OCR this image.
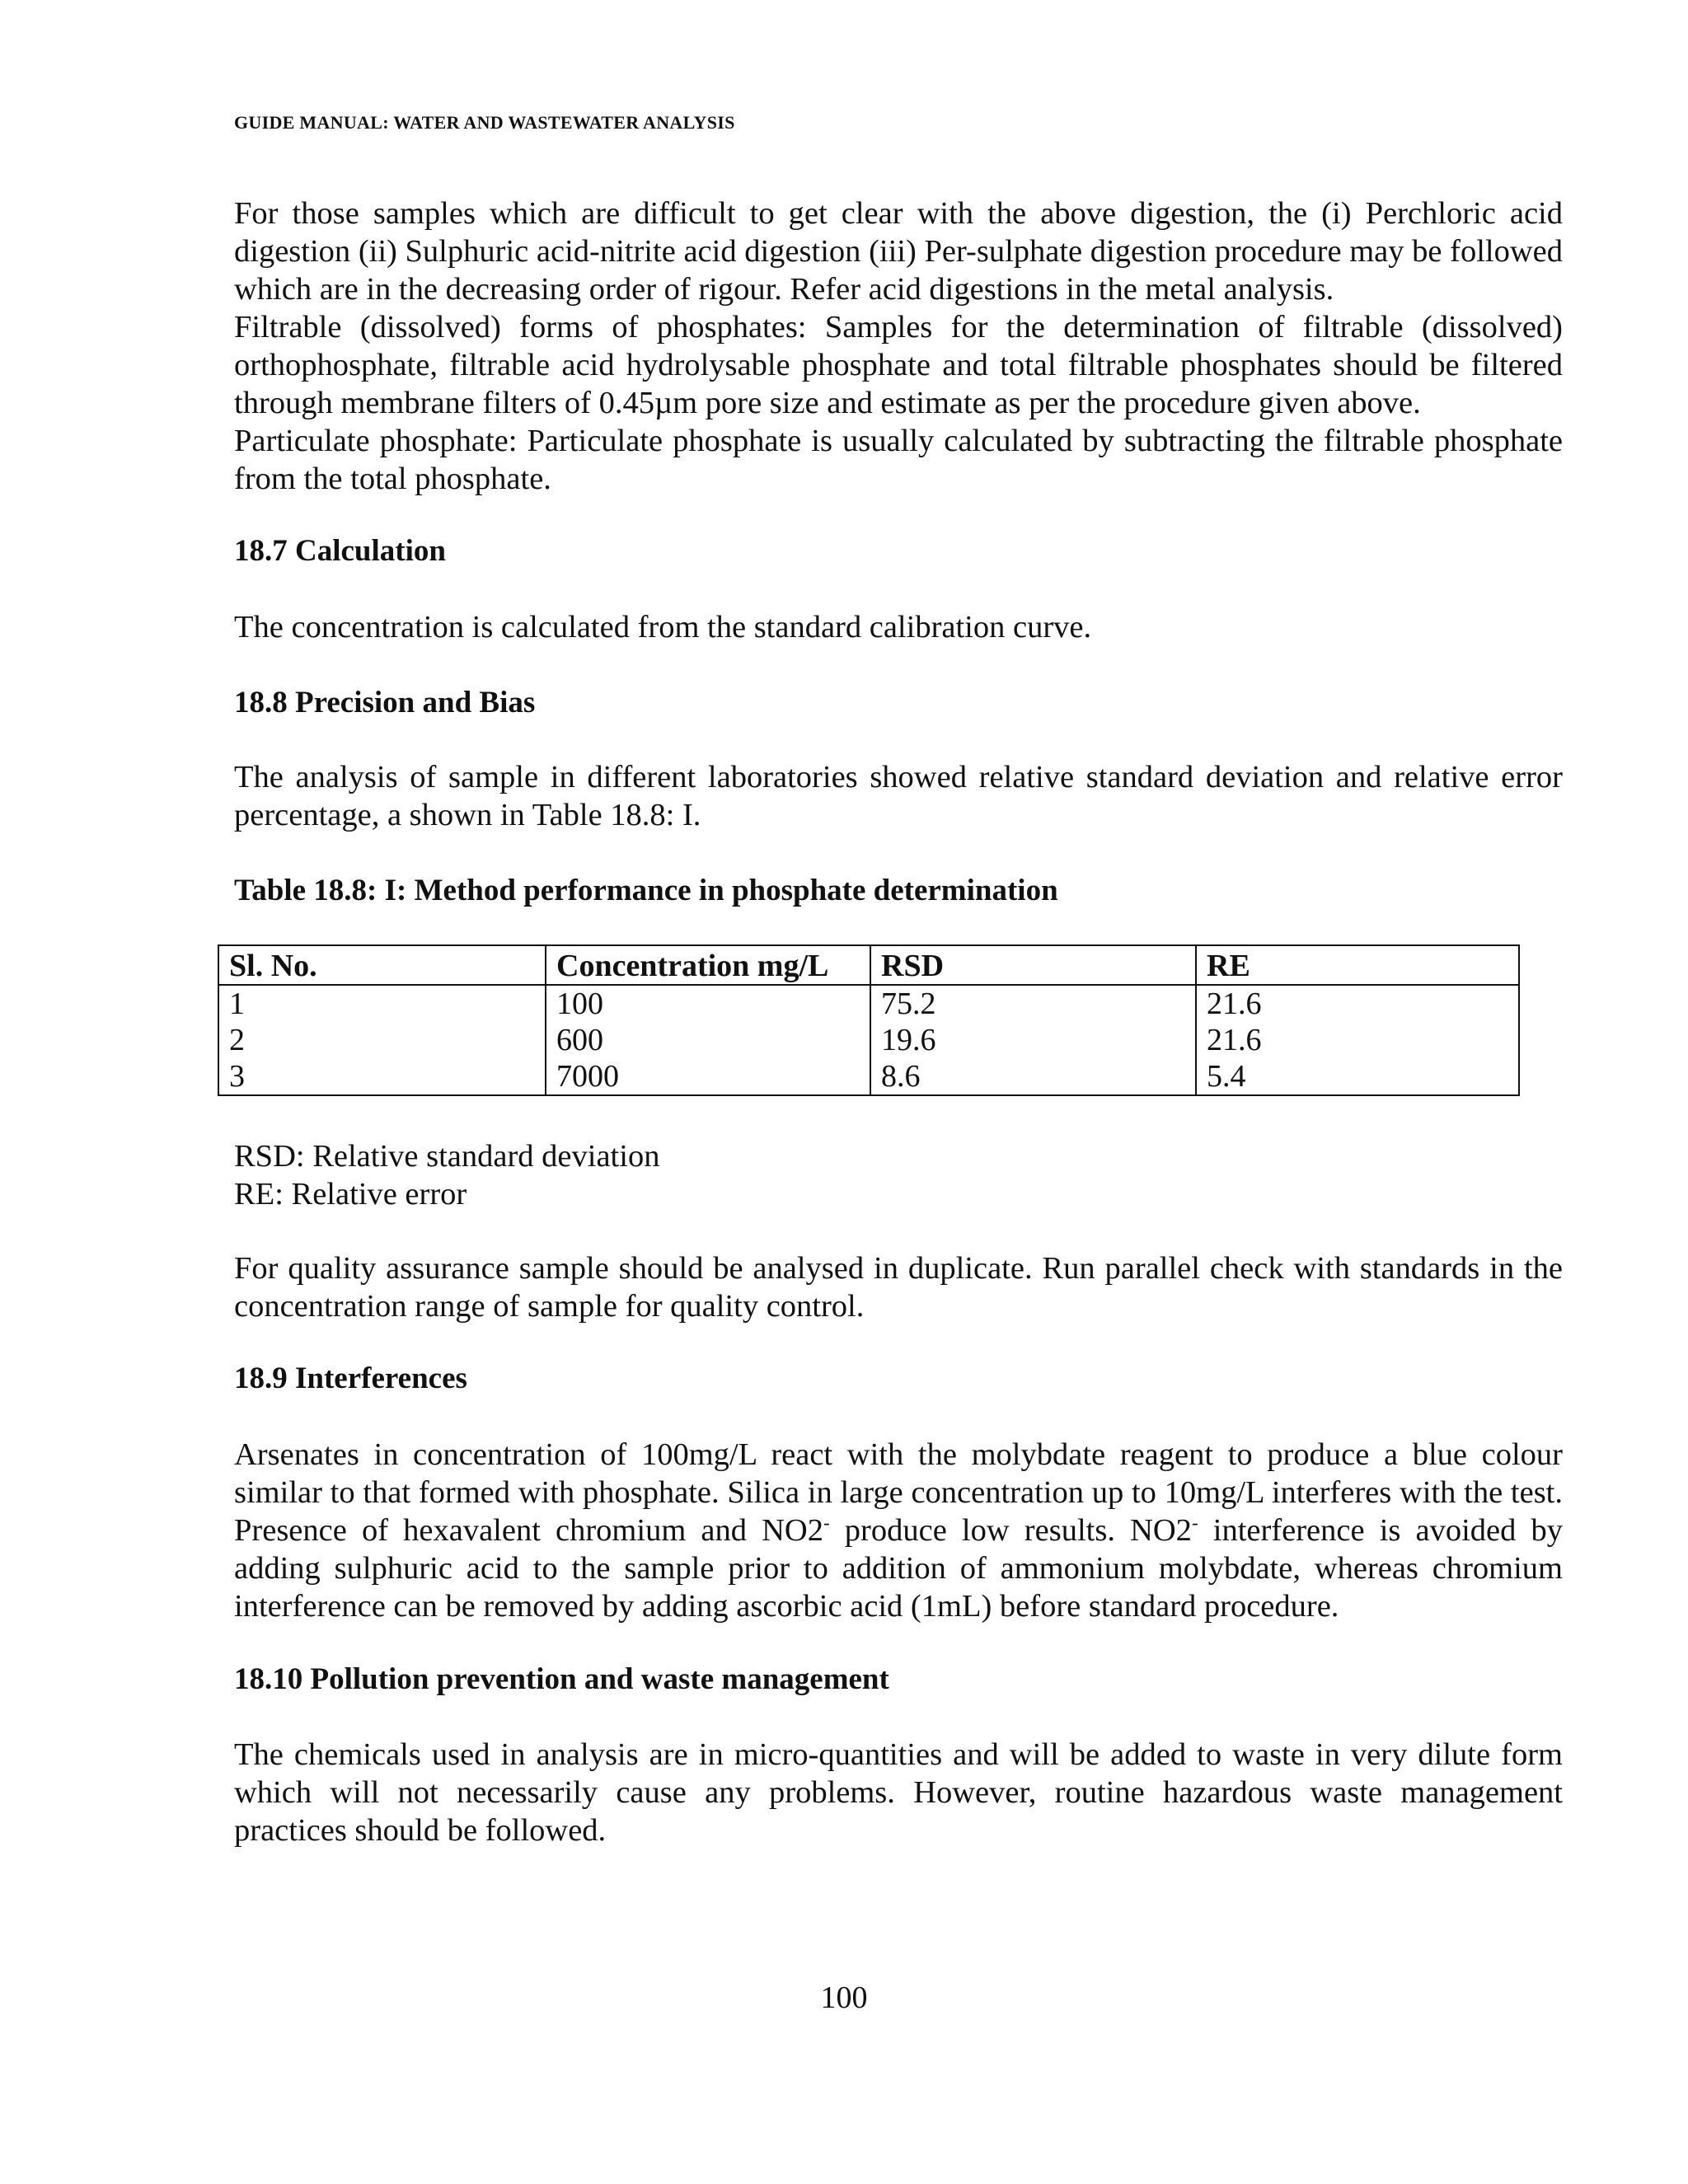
GUIDE MANUAL: WATER AND WASTEWATER ANALYSIS

For those samples which are difficult to get clear with the above digestion, the (i) Perchloric acid digestion (ii) Sulphuric acid-nitrite acid digestion (iii) Per-sulphate digestion procedure may be followed which are in the decreasing order of rigour. Refer acid digestions in the metal analysis.

Filtrable (dissolved) forms of phosphates: Samples for the determination of filtrable (dissolved) orthophosphate, filtrable acid hydrolysable phosphate and total filtrable phosphates should be filtered through membrane filters of 0.45µm pore size and estimate as per the procedure given above.

Particulate phosphate: Particulate phosphate is usually calculated by subtracting the filtrable phosphate from the total phosphate.

18.7 Calculation

The concentration is calculated from the standard calibration curve.

18.8 Precision and Bias

The analysis of sample in different laboratories showed relative standard deviation and relative error percentage, a shown in Table 18.8: I.

Table 18.8: I: Method performance in phosphate determination
Sl. No.	Concentration mg/L	RSD	RE
1	100	75.2	21.6
2	600	19.6	21.6
3	7000	8.6	5.4
RSD: Relative standard deviation
RE: Relative error

For quality assurance sample should be analysed in duplicate. Run parallel check with standards in the concentration range of sample for quality control.

18.9 Interferences

Arsenates in concentration of 100mg/L react with the molybdate reagent to produce a blue colour similar to that formed with phosphate. Silica in large concentration up to 10mg/L interferes with the test. Presence of hexavalent chromium and NO2- produce low results. NO2- interference is avoided by adding sulphuric acid to the sample prior to addition of ammonium molybdate, whereas chromium interference can be removed by adding ascorbic acid (1mL) before standard procedure.

18.10 Pollution prevention and waste management

The chemicals used in analysis are in micro-quantities and will be added to waste in very dilute form which will not necessarily cause any problems. However, routine hazardous waste management practices should be followed.

100
